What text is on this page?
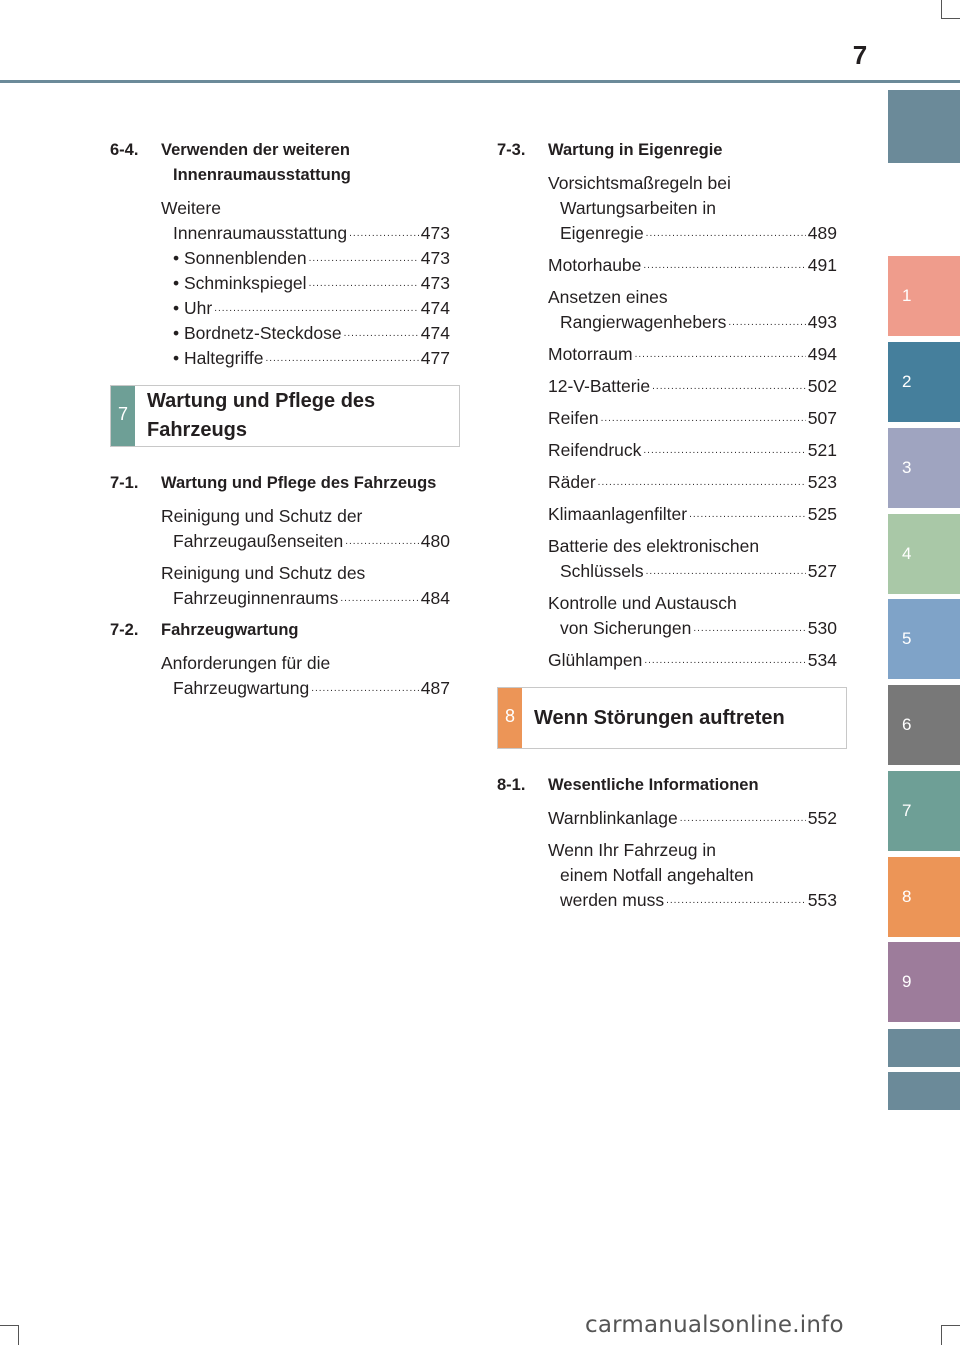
7
1
2
3
4
5
6
7
8
9
6-4.	Verwenden der weiteren
Innenraumausstattung
Weitere
Innenraumausstattung .....	473
• Sonnenblenden .....	473
• Schminkspiegel .....	473
• Uhr .....	474
• Bordnetz-Steckdose .....	474
• Haltegriffe .....	477
7
Wartung und Pflege des
Fahrzeugs
7-1.	Wartung und Pflege des Fahrzeugs
Reinigung und Schutz der
Fahrzeugaußenseiten .....	480
Reinigung und Schutz des
Fahrzeuginnenraums .....	484
7-2.	Fahrzeugwartung
Anforderungen für die
Fahrzeugwartung .....	487
7-3.	Wartung in Eigenregie
Vorsichtsmaßregeln bei
Wartungsarbeiten in
Eigenregie .....	489
Motorhaube .....	491
Ansetzen eines
Rangierwagenhebers .....	493
Motorraum .....	494
12-V-Batterie .....	502
Reifen .....	507
Reifendruck .....	521
Räder .....	523
Klimaanlagenfilter .....	525
Batterie des elektronischen
Schlüssels .....	527
Kontrolle und Austausch
von Sicherungen .....	530
Glühlampen .....	534
8 Wenn Störungen auftreten
8-1.	Wesentliche Informationen
Warnblinkanlage .....	552
Wenn Ihr Fahrzeug in
einem Notfall angehalten
werden muss .....	553
carmanualsonline.info
